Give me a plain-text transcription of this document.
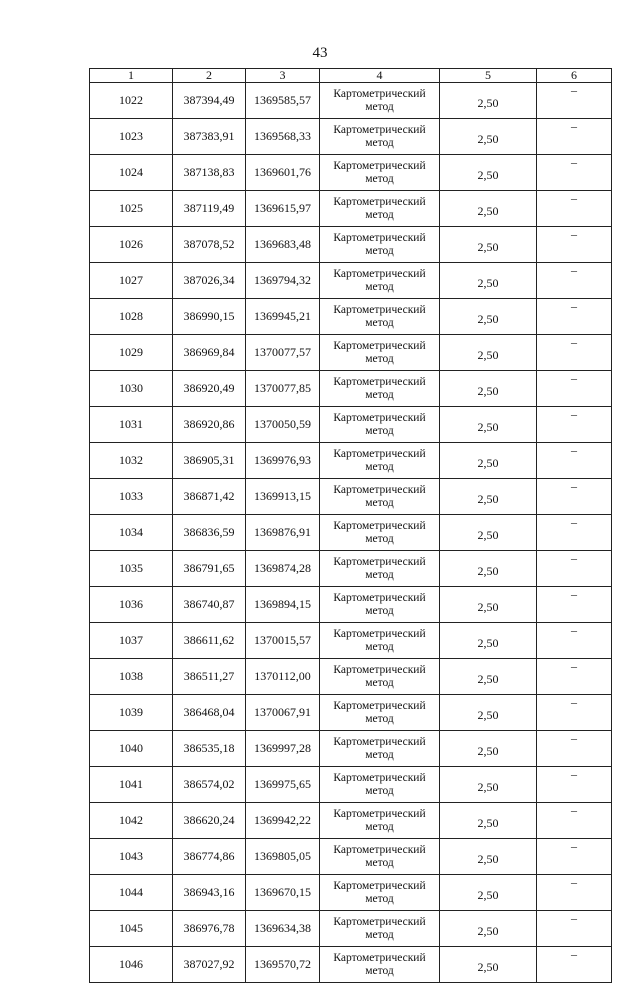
43
1	2	3	4	5	6
1022	387394,49	1369585,57	Картометрический метод	2,50	–
1023	387383,91	1369568,33	Картометрический метод	2,50	–
1024	387138,83	1369601,76	Картометрический метод	2,50	–
1025	387119,49	1369615,97	Картометрический метод	2,50	–
1026	387078,52	1369683,48	Картометрический метод	2,50	–
1027	387026,34	1369794,32	Картометрический метод	2,50	–
1028	386990,15	1369945,21	Картометрический метод	2,50	–
1029	386969,84	1370077,57	Картометрический метод	2,50	–
1030	386920,49	1370077,85	Картометрический метод	2,50	–
1031	386920,86	1370050,59	Картометрический метод	2,50	–
1032	386905,31	1369976,93	Картометрический метод	2,50	–
1033	386871,42	1369913,15	Картометрический метод	2,50	–
1034	386836,59	1369876,91	Картометрический метод	2,50	–
1035	386791,65	1369874,28	Картометрический метод	2,50	–
1036	386740,87	1369894,15	Картометрический метод	2,50	–
1037	386611,62	1370015,57	Картометрический метод	2,50	–
1038	386511,27	1370112,00	Картометрический метод	2,50	–
1039	386468,04	1370067,91	Картометрический метод	2,50	–
1040	386535,18	1369997,28	Картометрический метод	2,50	–
1041	386574,02	1369975,65	Картометрический метод	2,50	–
1042	386620,24	1369942,22	Картометрический метод	2,50	–
1043	386774,86	1369805,05	Картометрический метод	2,50	–
1044	386943,16	1369670,15	Картометрический метод	2,50	–
1045	386976,78	1369634,38	Картометрический метод	2,50	–
1046	387027,92	1369570,72	Картометрический метод	2,50	–
